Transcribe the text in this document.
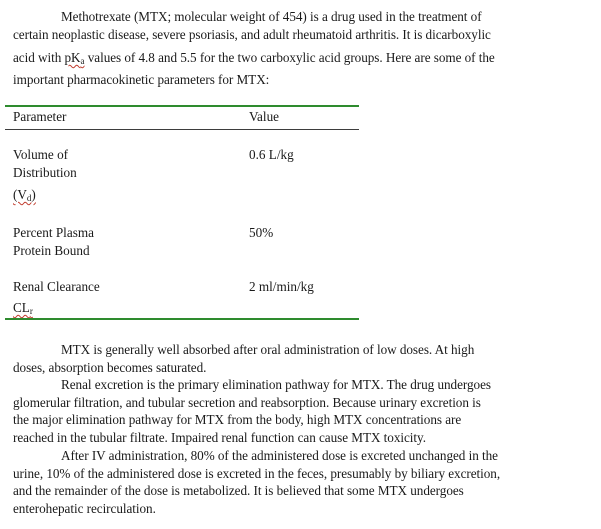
Methotrexate (MTX; molecular weight of 454) is a drug used in the treatment of
certain neoplastic disease, severe psoriasis, and adult rheumatoid arthritis. It is dicarboxylic
acid with $pK_a$ values of 4.8 and 5.5 for the two carboxylic acid groups. Here are some of the
important pharmacokinetic parameters for MTX:
Parameter	Value
Volume of
Distribution
$(V_d)$
0.6 L/kg
Percent Plasma
Protein Bound
50%
Renal Clearance
$CL_r$
2 ml/min/kg
MTX is generally well absorbed after oral administration of low doses. At high
doses, absorption becomes saturated.
Renal excretion is the primary elimination pathway for MTX. The drug undergoes
glomerular filtration, and tubular secretion and reabsorption. Because urinary excretion is
the major elimination pathway for MTX from the body, high MTX concentrations are
reached in the tubular filtrate. Impaired renal function can cause MTX toxicity.
After IV administration, 80% of the administered dose is excreted unchanged in the
urine, 10% of the administered dose is excreted in the feces, presumably by biliary excretion,
and the remainder of the dose is metabolized. It is believed that some MTX undergoes
enterohepatic recirculation.
